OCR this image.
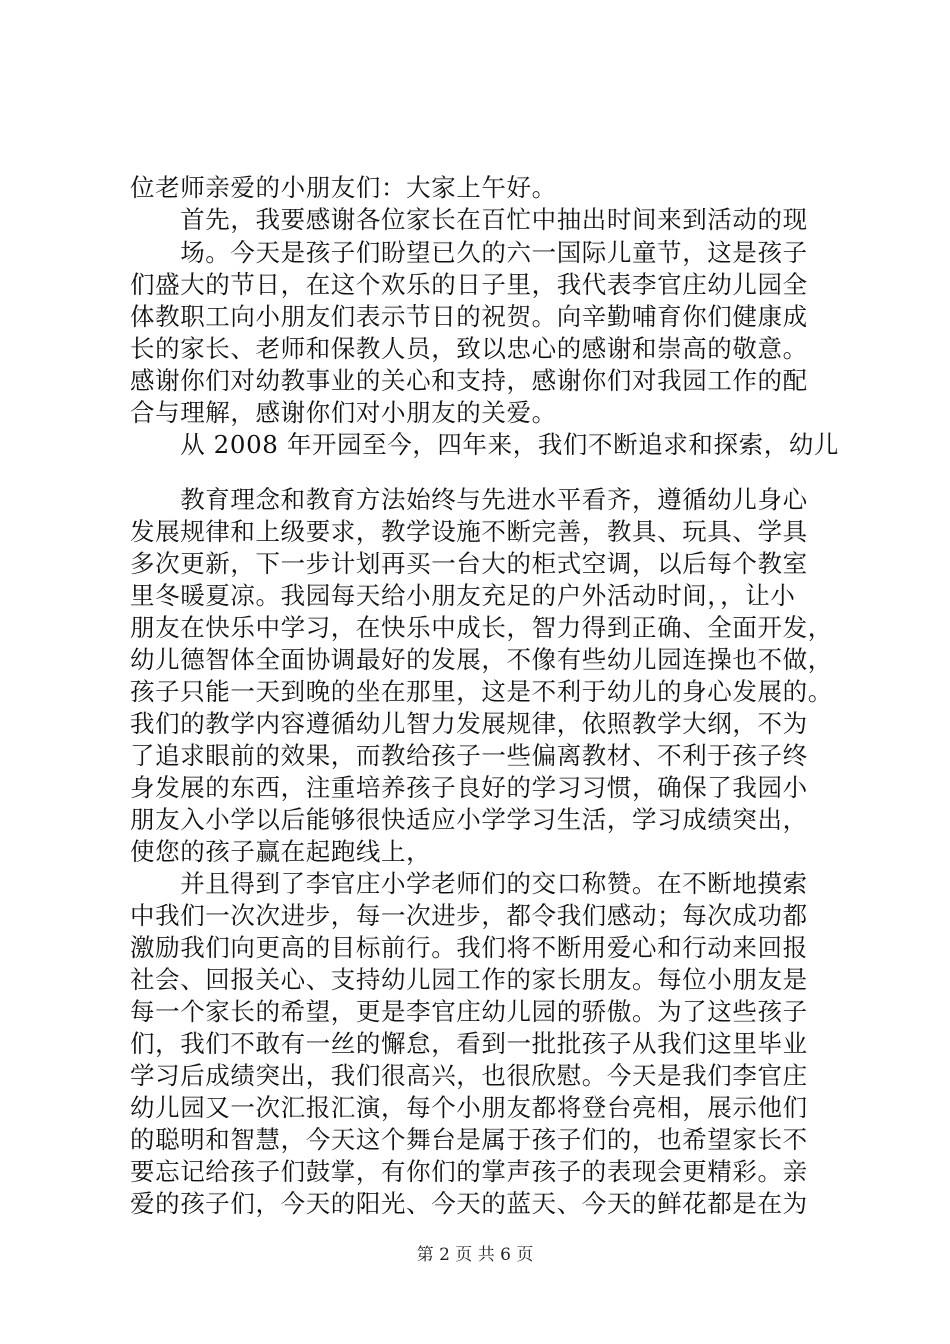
位老师亲爱的小朋友们：大家上午好。
　　首先，我要感谢各位家长在百忙中抽出时间来到活动的现
　　场。今天是孩子们盼望已久的六一国际儿童节，这是孩子
们盛大的节日，在这个欢乐的日子里，我代表李官庄幼儿园全
体教职工向小朋友们表示节日的祝贺。向辛勤哺育你们健康成
长的家长、老师和保教人员，致以忠心的感谢和崇高的敬意。
感谢你们对幼教事业的关心和支持，感谢你们对我园工作的配
合与理解，感谢你们对小朋友的关爱。
　　从 2008 年开园至今，四年来，我们不断追求和探索，幼儿
　　教育理念和教育方法始终与先进水平看齐，遵循幼儿身心
发展规律和上级要求，教学设施不断完善，教具、玩具、学具
多次更新，下一步计划再买一台大的柜式空调，以后每个教室
里冬暖夏凉。我园每天给小朋友充足的户外活动时间，，让小
朋友在快乐中学习，在快乐中成长，智力得到正确、全面开发，
幼儿德智体全面协调最好的发展，不像有些幼儿园连操也不做，
孩子只能一天到晚的坐在那里，这是不利于幼儿的身心发展的。
我们的教学内容遵循幼儿智力发展规律，依照教学大纲，不为
了追求眼前的效果，而教给孩子一些偏离教材、不利于孩子终
身发展的东西，注重培养孩子良好的学习习惯，确保了我园小
朋友入小学以后能够很快适应小学学习生活，学习成绩突出，
使您的孩子赢在起跑线上，
　　并且得到了李官庄小学老师们的交口称赞。在不断地摸索
中我们一次次进步，每一次进步，都令我们感动；每次成功都
激励我们向更高的目标前行。我们将不断用爱心和行动来回报
社会、回报关心、支持幼儿园工作的家长朋友。每位小朋友是
每一个家长的希望，更是李官庄幼儿园的骄傲。为了这些孩子
们，我们不敢有一丝的懈怠，看到一批批孩子从我们这里毕业
学习后成绩突出，我们很高兴，也很欣慰。今天是我们李官庄
幼儿园又一次汇报汇演，每个小朋友都将登台亮相，展示他们
的聪明和智慧，今天这个舞台是属于孩子们的，也希望家长不
要忘记给孩子们鼓掌，有你们的掌声孩子的表现会更精彩。亲
爱的孩子们，今天的阳光、今天的蓝天、今天的鲜花都是在为
第 2 页 共 6 页
